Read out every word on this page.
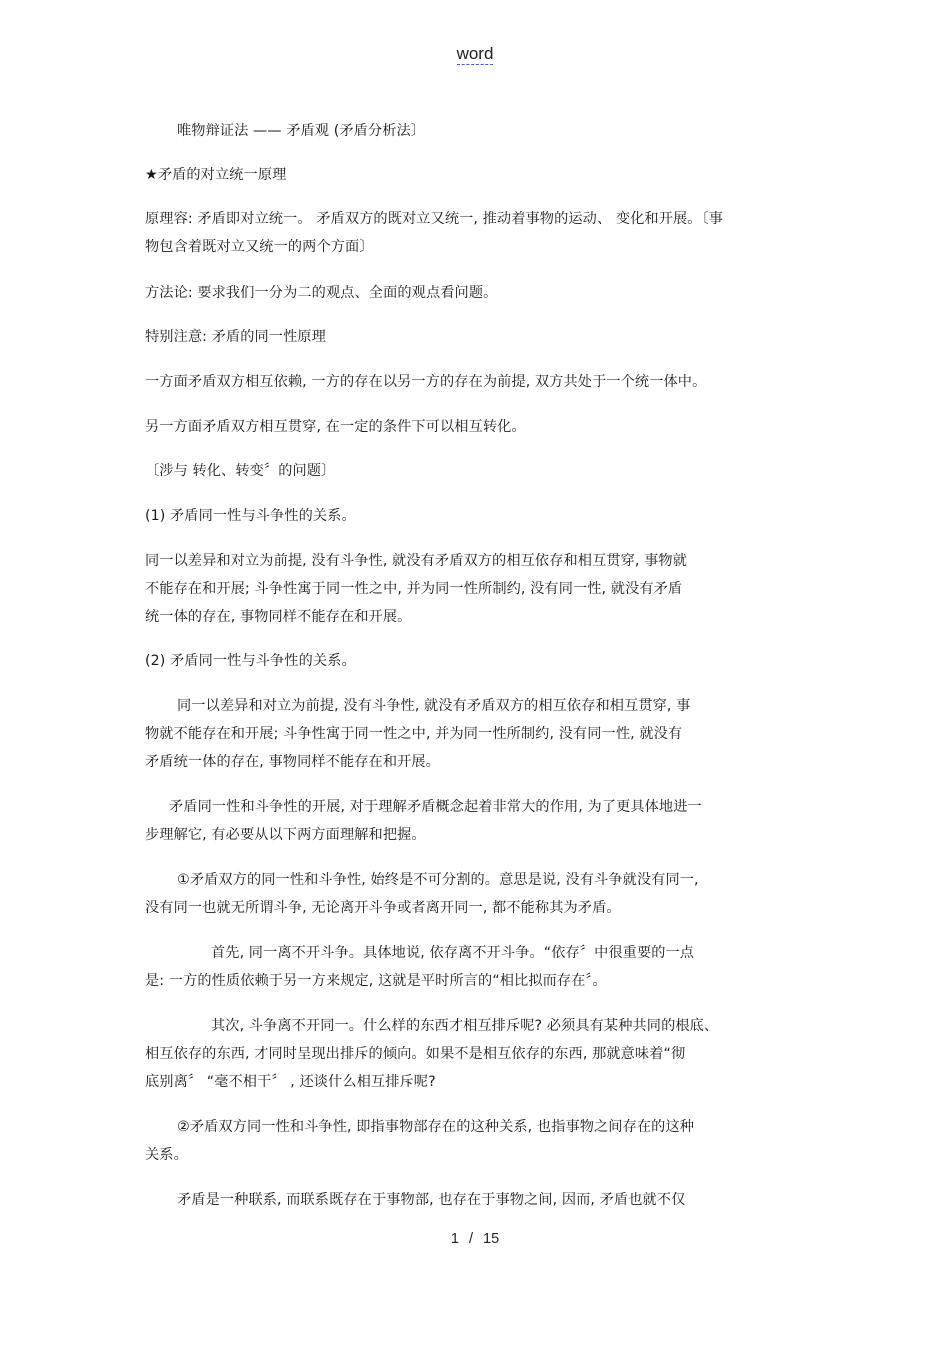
word
唯物辩证法 —— 矛盾观 (矛盾分析法〕
★矛盾的对立统一原理
原理容: 矛盾即对立统一。 矛盾双方的既对立又统一, 推动着事物的运动、 变化和开展。〔事
物包含着既对立又统一的两个方面〕
方法论: 要求我们一分为二的观点、全面的观点看问题。
特别注意: 矛盾的同一性原理
一方面矛盾双方相互依赖, 一方的存在以另一方的存在为前提, 双方共处于一个统一体中。
另一方面矛盾双方相互贯穿, 在一定的条件下可以相互转化。
〔涉与 转化、转变〞的问题〕
(1) 矛盾同一性与斗争性的关系。
同一以差异和对立为前提, 没有斗争性, 就没有矛盾双方的相互依存和相互贯穿, 事物就
不能存在和开展; 斗争性寓于同一性之中, 并为同一性所制约, 没有同一性, 就没有矛盾
统一体的存在, 事物同样不能存在和开展。
(2) 矛盾同一性与斗争性的关系。
同一以差异和对立为前提, 没有斗争性, 就没有矛盾双方的相互依存和相互贯穿, 事
物就不能存在和开展; 斗争性寓于同一性之中, 并为同一性所制约, 没有同一性, 就没有
矛盾统一体的存在, 事物同样不能存在和开展。
矛盾同一性和斗争性的开展, 对于理解矛盾概念起着非常大的作用, 为了更具体地进一
步理解它, 有必要从以下两方面理解和把握。
①矛盾双方的同一性和斗争性, 始终是不可分割的。意思是说, 没有斗争就没有同一,
没有同一也就无所谓斗争, 无论离开斗争或者离开同一, 都不能称其为矛盾。
首先, 同一离不开斗争。具体地说, 依存离不开斗争。“依存〞中很重要的一点
是: 一方的性质依赖于另一方来规定, 这就是平时所言的“相比拟而存在〞。
其次, 斗争离不开同一。什么样的东西才相互排斥呢? 必须具有某种共同的根底、
相互依存的东西, 才同时呈现出排斥的倾向。如果不是相互依存的东西, 那就意味着“彻
底别离〞 “毫不相干〞 , 还谈什么相互排斥呢?
②矛盾双方同一性和斗争性, 即指事物部存在的这种关系, 也指事物之间存在的这种
关系。
矛盾是一种联系, 而联系既存在于事物部, 也存在于事物之间, 因而, 矛盾也就不仅
1 / 15
